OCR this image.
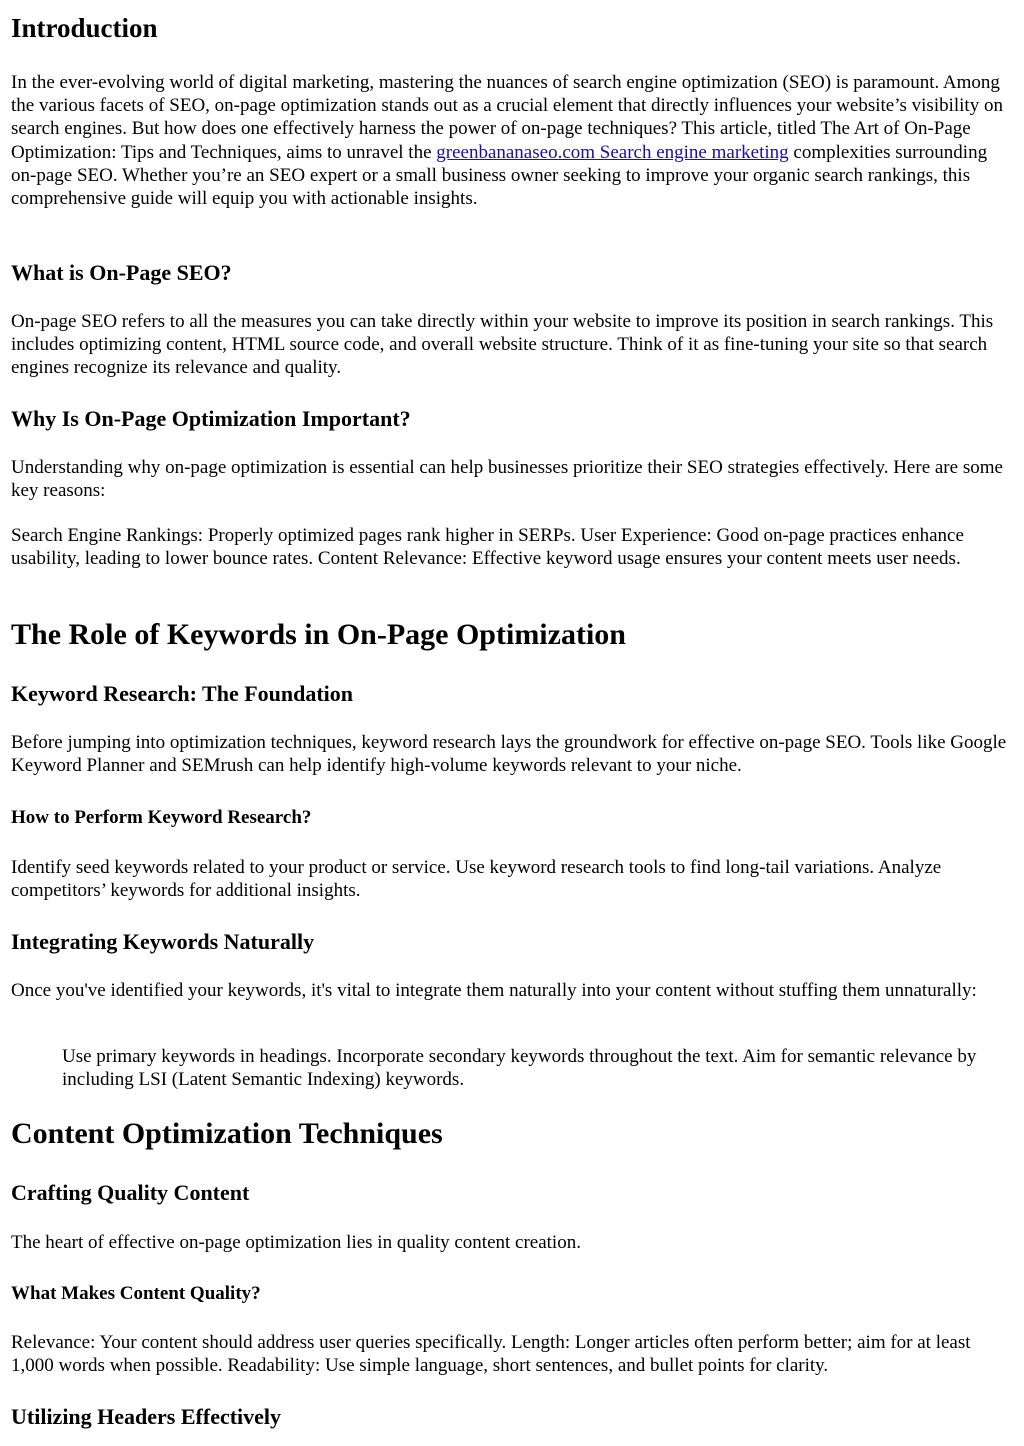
Introduction

In the ever-evolving world of digital marketing, mastering the nuances of search engine optimization (SEO) is paramount. Among the various facets of SEO, on-page optimization stands out as a crucial element that directly influences your website’s visibility on search engines. But how does one effectively harness the power of on-page techniques? This article, titled The Art of On-Page Optimization: Tips and Techniques, aims to unravel the greenbananaseo.com Search engine marketing complexities surrounding on-page SEO. Whether you’re an SEO expert or a small business owner seeking to improve your organic search rankings, this comprehensive guide will equip you with actionable insights.

What is On-Page SEO?

On-page SEO refers to all the measures you can take directly within your website to improve its position in search rankings. This includes optimizing content, HTML source code, and overall website structure. Think of it as fine-tuning your site so that search engines recognize its relevance and quality.

Why Is On-Page Optimization Important?

Understanding why on-page optimization is essential can help businesses prioritize their SEO strategies effectively. Here are some key reasons:

Search Engine Rankings: Properly optimized pages rank higher in SERPs. User Experience: Good on-page practices enhance usability, leading to lower bounce rates. Content Relevance: Effective keyword usage ensures your content meets user needs.

The Role of Keywords in On-Page Optimization
Keyword Research: The Foundation

Before jumping into optimization techniques, keyword research lays the groundwork for effective on-page SEO. Tools like Google Keyword Planner and SEMrush can help identify high-volume keywords relevant to your niche.

How to Perform Keyword Research?

Identify seed keywords related to your product or service. Use keyword research tools to find long-tail variations. Analyze competitors’ keywords for additional insights.

Integrating Keywords Naturally

Once you've identified your keywords, it's vital to integrate them naturally into your content without stuffing them unnaturally:

Use primary keywords in headings. Incorporate secondary keywords throughout the text. Aim for semantic relevance by including LSI (Latent Semantic Indexing) keywords.
Content Optimization Techniques
Crafting Quality Content

The heart of effective on-page optimization lies in quality content creation.

What Makes Content Quality?

Relevance: Your content should address user queries specifically. Length: Longer articles often perform better; aim for at least 1,000 words when possible. Readability: Use simple language, short sentences, and bullet points for clarity.

Utilizing Headers Effectively
